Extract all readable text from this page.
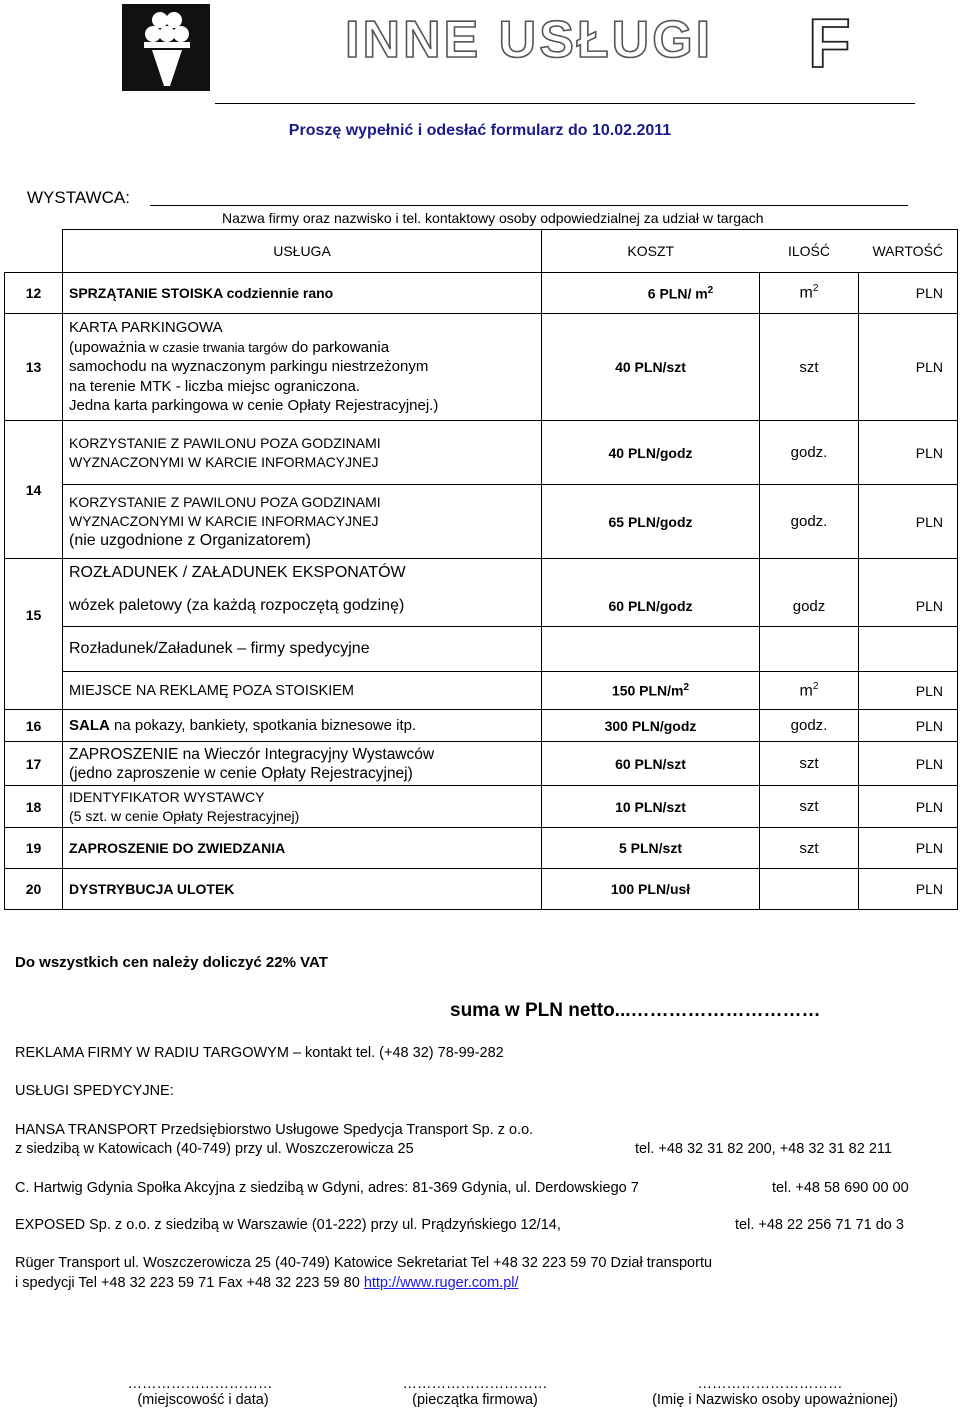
INNE USŁUGI F
Proszę wypełnić i odesłać formularz do 10.02.2011
WYSTAWCA:
Nazwa firmy oraz nazwisko i tel. kontaktowy osoby odpowiedzialnej za udział w targach
	USŁUGA	KOSZT	ILOŚĆ	WARTOŚĆ
12	SPRZĄTANIE STOISKA codziennie rano	6 PLN/ $m^2$	$m^2$	PLN
13	KARTA PARKINGOWA
(upoważnia w czasie trwania targów do parkowania
samochodu na wyznaczonym parkingu niestrzeżonym
na terenie MTK - liczba miejsc ograniczona.
Jedna karta parkingowa w cenie Opłaty Rejestracyjnej.)	40 PLN/szt	szt	PLN
14	KORZYSTANIE Z PAWILONU POZA GODZINAMI
WYZNACZONYMI W KARCIE INFORMACYJNEJ	40 PLN/godz	godz.	PLN

	KORZYSTANIE Z PAWILONU POZA GODZINAMI
WYZNACZONYMI W KARCIE INFORMACYJNEJ
(nie uzgodnione z Organizatorem)	65 PLN/godz	godz.	PLN
15	ROZŁADUNEK / ZAŁADUNEK EKSPONATÓW			
	wózek paletowy (za każdą rozpoczętą godzinę)	60 PLN/godz	godz	PLN
	Rozładunek/Załadunek – firmy spedycyjne			
	MIEJSCE NA REKLAMĘ POZA STOISKIEM	150 PLN/$m^2$	$m^2$	PLN
16	SALA na pokazy, bankiety, spotkania biznesowe itp.	300 PLN/godz	godz.	PLN
17	ZAPROSZENIE na Wieczór Integracyjny Wystawców
(jedno zaproszenie w cenie Opłaty Rejestracyjnej)	60 PLN/szt	szt	PLN
18	IDENTYFIKATOR WYSTAWCY
(5 szt. w cenie Opłaty Rejestracyjnej)	10 PLN/szt	szt	PLN
19	ZAPROSZENIE DO ZWIEDZANIA	5 PLN/szt	szt	PLN
20	DYSTRYBUCJA ULOTEK	100 PLN/usł		PLN
Do wszystkich cen należy doliczyć 22% VAT
suma w PLN netto...…………………………
REKLAMA FIRMY W RADIU TARGOWYM – kontakt tel. (+48 32) 78-99-282
USŁUGI SPEDYCYJNE:
HANSA TRANSPORT Przedsiębiorstwo Usługowe Spedycja Transport Sp. z o.o.
z siedzibą w Katowicach (40-749) przy ul. Woszczerowicza 25	tel. +48 32 31 82 200, +48 32 31 82 211
C. Hartwig Gdynia Społka Akcyjna z siedzibą w Gdyni, adres: 81-369 Gdynia, ul. Derdowskiego 7	tel. +48 58 690 00 00
EXPOSED Sp. z o.o. z siedzibą w Warszawie (01-222) przy ul. Prądzyńskiego 12/14,	tel. +48 22 256 71 71 do 3
Rüger Transport ul. Woszczerowicza 25 (40-749) Katowice Sekretariat Tel +48 32 223 59 70 Dział transportu
i spedycji Tel +48 32 223 59 71 Fax +48 32 223 59 80 http://www.ruger.com.pl/
…………………………	…………………………	…………………………
(miejscowość i data)	(pieczątka firmowa)	(Imię i Nazwisko osoby upoważnionej)
